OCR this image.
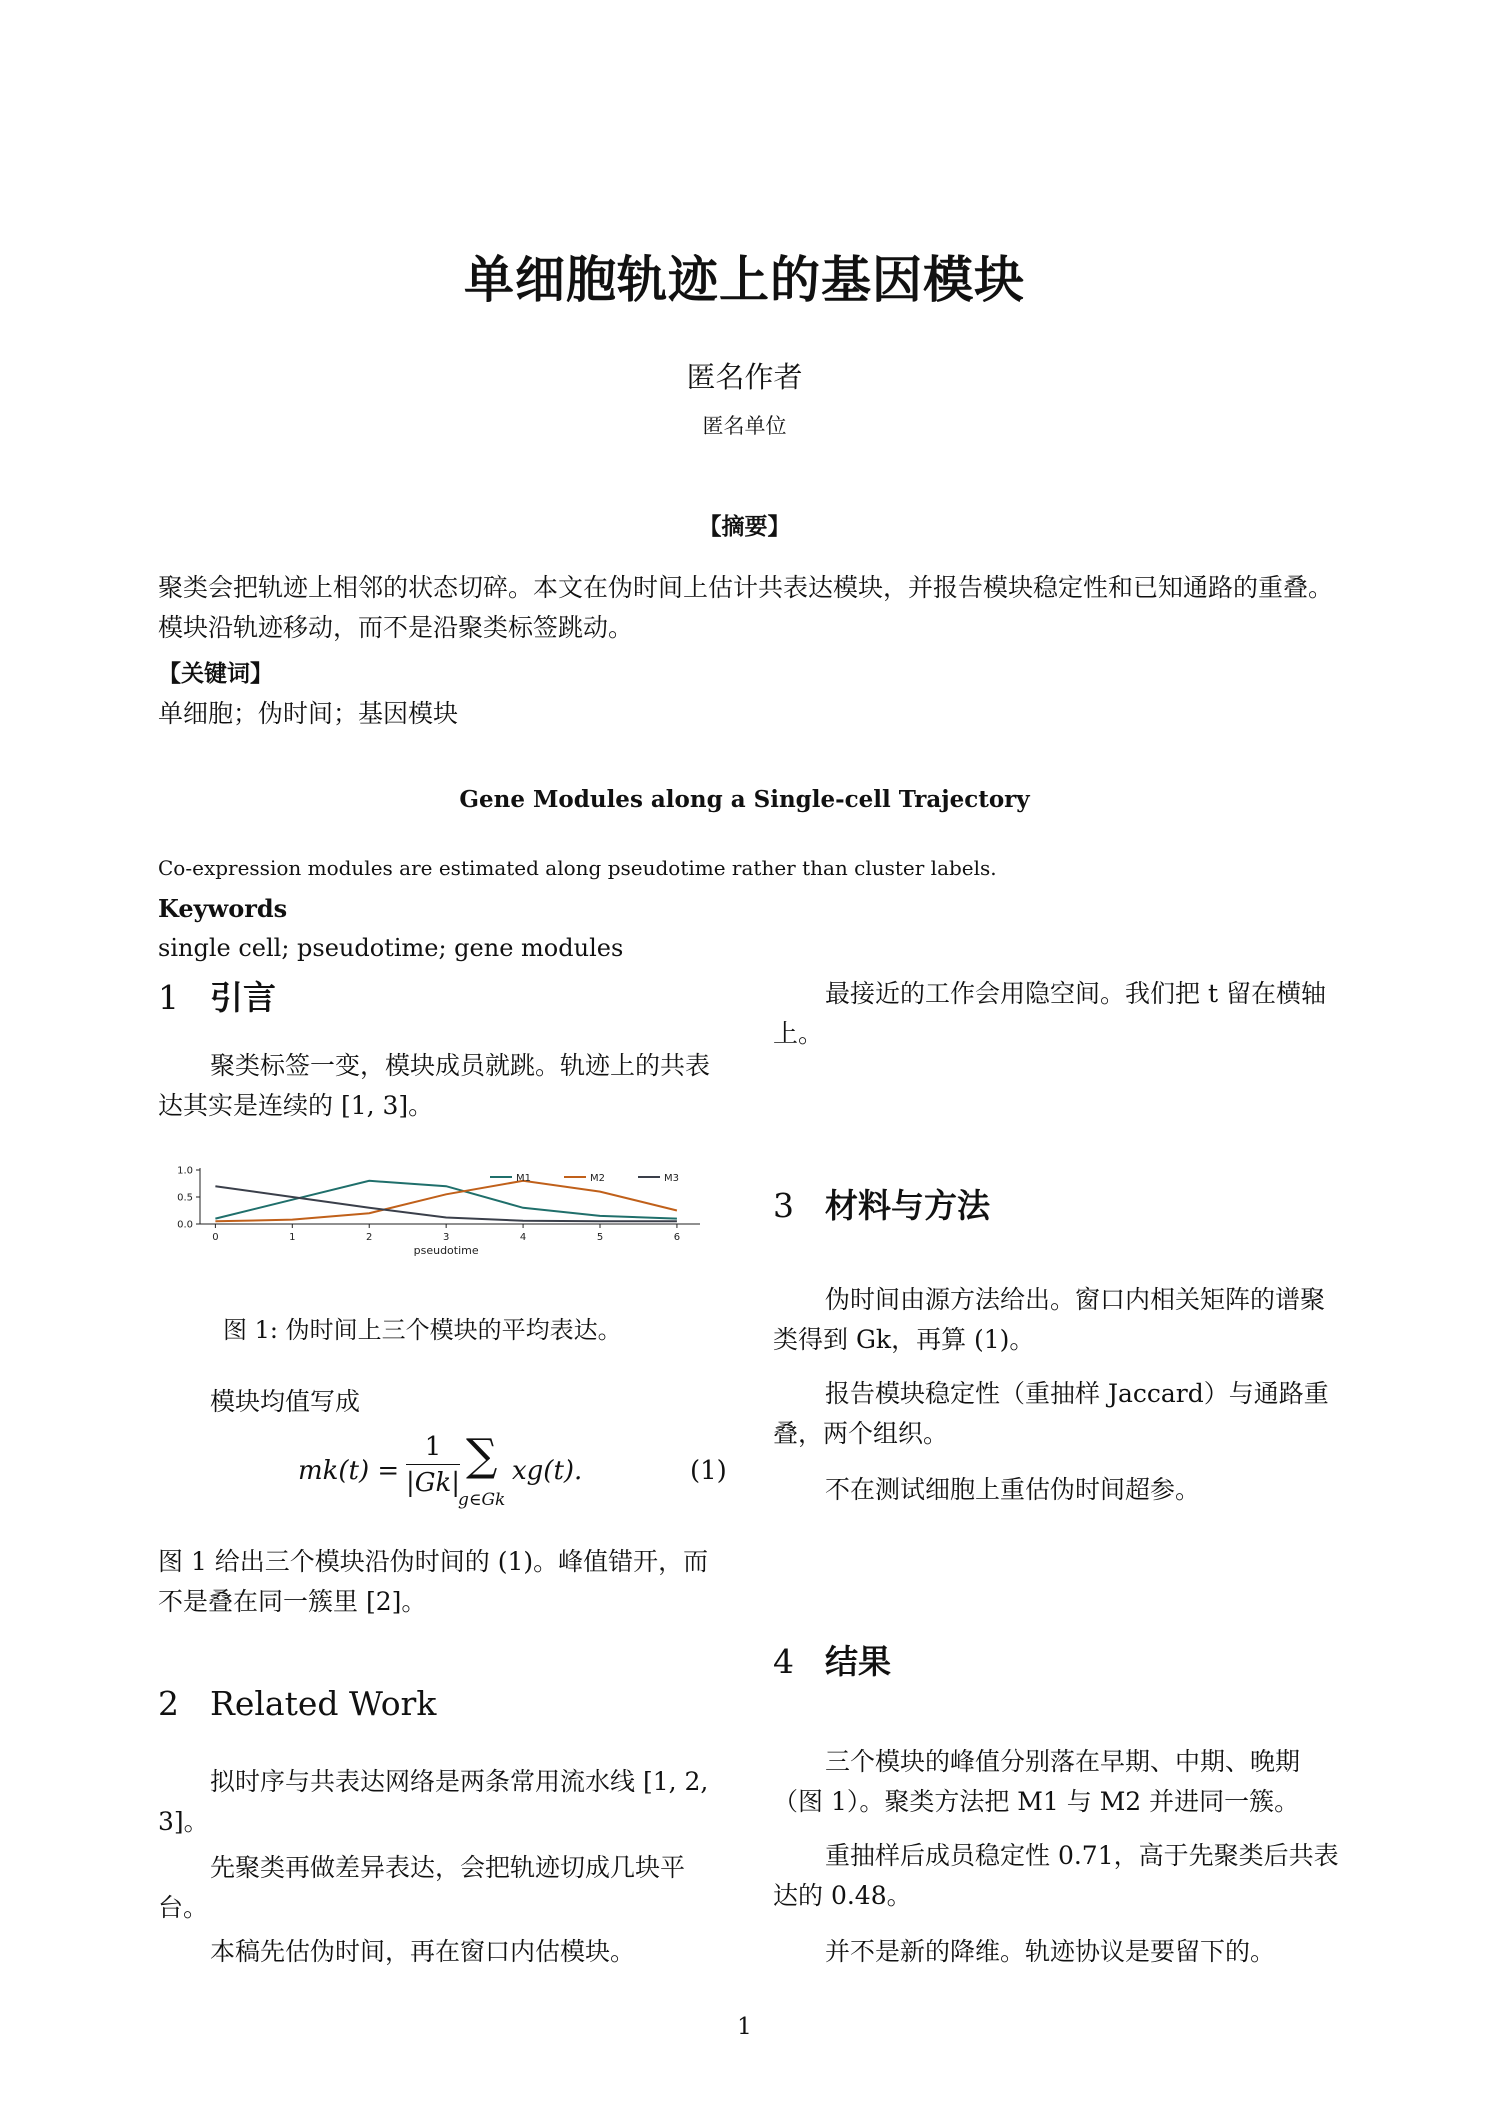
单细胞轨迹上的基因模块
匿名作者
匿名单位
【摘要】

聚类会把轨迹上相邻的状态切碎。本文在伪时间上估计共表达模块，并报告模块稳定性和已知通路的重叠。模块沿轨迹移动，而不是沿聚类标签跳动。

【关键词】
单细胞；伪时间；基因模块
Gene Modules along a Single-cell Trajectory
Co-expression modules are estimated along pseudotime rather than cluster labels.
Keywords
single cell; pseudotime; gene modules
1 引言

聚类标签一变，模块成员就跳。轨迹上的共表达其实是连续的 [1, 3]。

0.0
0.5
1.0
0	1	2	3	4	5	6
pseudotime
M1	M2	M3
图 1: 伪时间上三个模块的平均表达。

模块均值写成

mk(t) =
1
|Gk|
∑
g∈Gk
xg(t).	(1)

图 1 给出三个模块沿伪时间的 (1)。峰值错开，而不是叠在同一簇里 [2]。

2 Related Work

拟时序与共表达网络是两条常用流水线 [1, 2, 3]。

先聚类再做差异表达，会把轨迹切成几块平台。

本稿先估伪时间，再在窗口内估模块。

最接近的工作会用隐空间。我们把 t 留在横轴上。

3 材料与方法

伪时间由源方法给出。窗口内相关矩阵的谱聚类得到 Gk，再算 (1)。

报告模块稳定性（重抽样 Jaccard）与通路重叠，两个组织。

不在测试细胞上重估伪时间超参。

4 结果

三个模块的峰值分别落在早期、中期、晚期（图 1）。聚类方法把 M1 与 M2 并进同一簇。

重抽样后成员稳定性 0.71，高于先聚类后共表达的 0.48。

并不是新的降维。轨迹协议是要留下的。

1
